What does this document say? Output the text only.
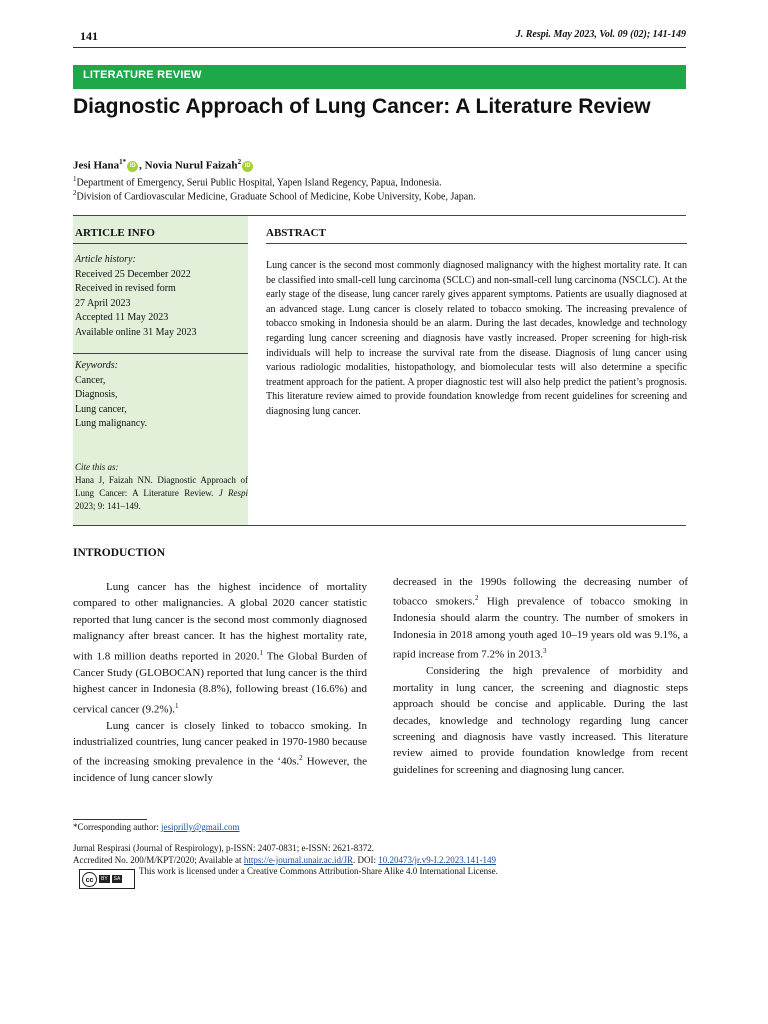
141	J. Respi. May 2023, Vol. 09 (02); 141-149
LITERATURE REVIEW
Diagnostic Approach of Lung Cancer: A Literature Review
Jesi Hana$^{1*}$ iD , Novia Nurul Faizah$^2$ iD
$^1$Department of Emergency, Serui Public Hospital, Yapen Island Regency, Papua, Indonesia.
$^2$Division of Cardiovascular Medicine, Graduate School of Medicine, Kobe University, Kobe, Japan.
ARTICLE INFO
Article history:
Received 25 December 2022
Received in revised form
27 April 2023
Accepted 11 May 2023
Available online 31 May 2023
Keywords:
Cancer,
Diagnosis,
Lung cancer,
Lung malignancy.
Cite this as:
Hana J, Faizah NN. Diagnostic Approach of Lung Cancer: A Literature Review. J Respi 2023; 9: 141–149.
ABSTRACT
Lung cancer is the second most commonly diagnosed malignancy with the highest mortality rate. It can be classified into small-cell lung carcinoma (SCLC) and non-small-cell lung carcinoma (NSCLC). At the early stage of the disease, lung cancer rarely gives apparent symptoms. Patients are usually diagnosed at an advanced stage. Lung cancer is closely related to tobacco smoking. The increasing prevalence of tobacco smoking in Indonesia should be an alarm. During the last decades, knowledge and technology regarding lung cancer screening and diagnosis have vastly increased. Proper screening for high-risk individuals will help to increase the survival rate from the disease. Diagnosis of lung cancer using various radiologic modalities, histopathology, and biomolecular tests will also determine a specific treatment approach for the patient. A proper diagnostic test will also help predict the patient’s prognosis. This literature review aimed to provide foundation knowledge from recent guidelines for screening and diagnosing lung cancer.
INTRODUCTION

Lung cancer has the highest incidence of mortality compared to other malignancies. A global 2020 cancer statistic reported that lung cancer is the second most commonly diagnosed malignancy after breast cancer. It has the highest mortality rate, with 1.8 million deaths reported in 2020.$^1$ The Global Burden of Cancer Study (GLOBOCAN) reported that lung cancer is the third highest cancer in Indonesia (8.8%), following breast (16.6%) and cervical cancer (9.2%).$^1$

Lung cancer is closely linked to tobacco smoking. In industrialized countries, lung cancer peaked in 1970-1980 because of the increasing smoking prevalence in the ‘40s.$^2$ However, the incidence of lung cancer slowly

decreased in the 1990s following the decreasing number of tobacco smokers.$^2$ High prevalence of tobacco smoking in Indonesia should alarm the country. The number of smokers in Indonesia in 2018 among youth aged 10–19 years old was 9.1%, a rapid increase from 7.2% in 2013.$^3$

Considering the high prevalence of morbidity and mortality in lung cancer, the screening and diagnostic steps approach should be concise and applicable. During the last decades, knowledge and technology regarding lung cancer screening and diagnosis have vastly increased. This literature review aimed to provide foundation knowledge from recent guidelines for screening and diagnosing lung cancer.

*Corresponding author: jesiprilly@gmail.com
Jurnal Respirasi (Journal of Respirology), p-ISSN: 2407-0831; e-ISSN: 2621-8372.
Accredited No. 200/M/KPT/2020; Available at https://e-journal.unair.ac.id/JR. DOI: 10.20473/jr.v9-I.2.2023.141-149
cc	BY	SA
This work is licensed under a Creative Commons Attribution-Share Alike 4.0 International License.
